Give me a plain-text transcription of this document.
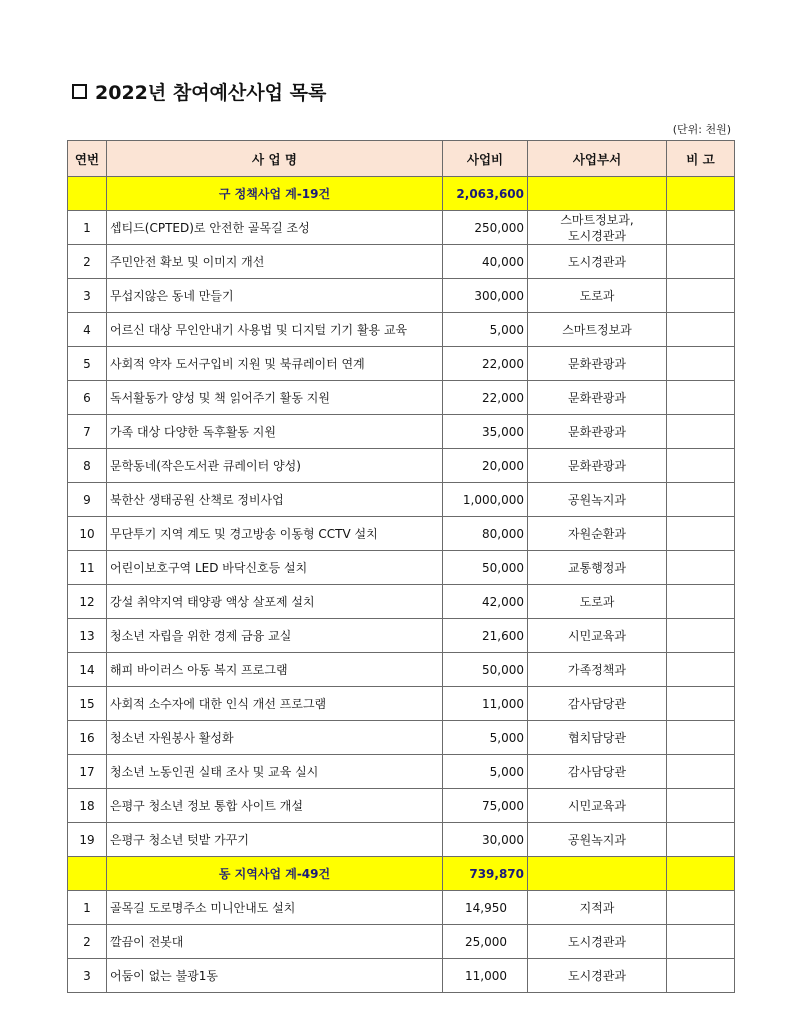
2022년 참여예산사업 목록
(단위: 천원)
연번	사 업 명	사업비	사업부서	비 고
	구 정책사업 계-19건	2,063,600		
1	셉티드(CPTED)로 안전한 골목길 조성	250,000	스마트정보과,
도시경관과	
2	주민안전 확보 및 이미지 개선	40,000	도시경관과	
3	무섭지않은 동네 만들기	300,000	도로과	
4	어르신 대상 무인안내기 사용법 및 디지털 기기 활용 교육	5,000	스마트정보과	
5	사회적 약자 도서구입비 지원 및 북큐레이터 연계	22,000	문화관광과	
6	독서활동가 양성 및 책 읽어주기 활동 지원	22,000	문화관광과	
7	가족 대상 다양한 독후활동 지원	35,000	문화관광과	
8	문학동네(작은도서관 큐레이터 양성)	20,000	문화관광과	
9	북한산 생태공원 산책로 정비사업	1,000,000	공원녹지과	
10	무단투기 지역 계도 및 경고방송 이동형 CCTV 설치	80,000	자원순환과	
11	어린이보호구역 LED 바닥신호등 설치	50,000	교통행정과	
12	강설 취약지역 태양광 액상 살포제 설치	42,000	도로과	
13	청소년 자립을 위한 경제 금융 교실	21,600	시민교육과	
14	해피 바이러스 아동 복지 프로그램	50,000	가족정책과	
15	사회적 소수자에 대한 인식 개선 프로그램	11,000	감사담당관	
16	청소년 자원봉사 활성화	5,000	협치담당관	
17	청소년 노동인권 실태 조사 및 교육 실시	5,000	감사담당관	
18	은평구 청소년 정보 통합 사이트 개설	75,000	시민교육과	
19	은평구 청소년 텃밭 가꾸기	30,000	공원녹지과	
	동 지역사업 계-49건	739,870		
1	골목길 도로명주소 미니안내도 설치	14,950	지적과	
2	깔끔이 전봇대	25,000	도시경관과	
3	어둠이 없는 불광1동	11,000	도시경관과	
